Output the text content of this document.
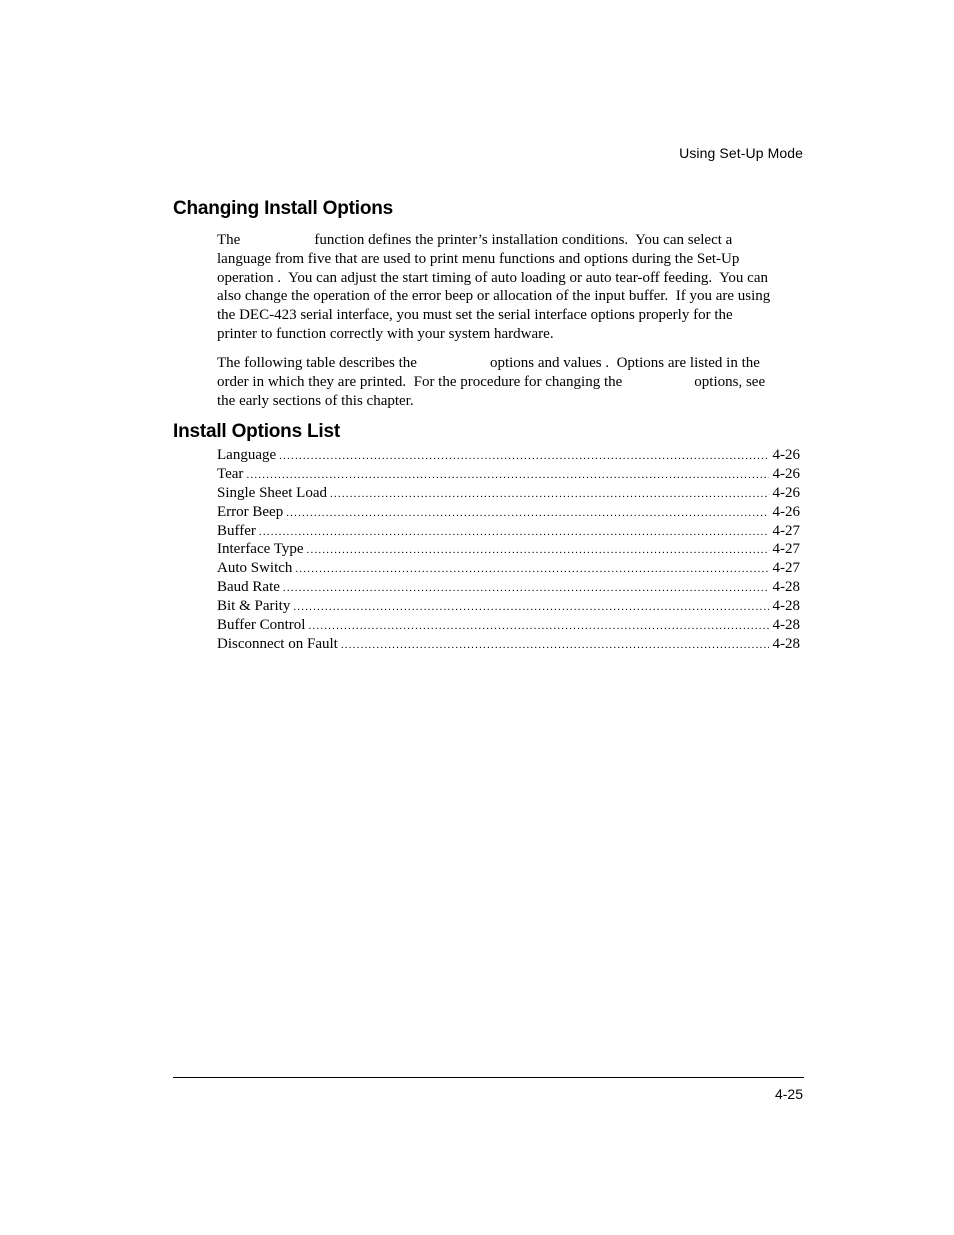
Using Set-Up Mode
Changing Install Options
The	function defines the printer’s installation conditions.  You can select a
language from five that are used to print menu functions and options during the Set-Up
operation .  You can adjust the start timing of auto loading or auto tear-off feeding.  You can
also change the operation of the error beep or allocation of the input buffer.  If you are using
the DEC-423 serial interface, you must set the serial interface options properly for the
printer to function correctly with your system hardware.
The following table describes the	options and values .  Options are listed in the
order in which they are printed.  For the procedure for changing the	options, see
the early sections of this chapter.
Install Options List
Language .....	4-26
Tear .....	4-26
Single Sheet Load .....	4-26
Error Beep .....	4-26
Buffer .....	4-27
Interface Type .....	4-27
Auto Switch .....	4-27
Baud Rate .....	4-28
Bit & Parity .....	4-28
Buffer Control .....	4-28
Disconnect on Fault .....	4-28
4-25
